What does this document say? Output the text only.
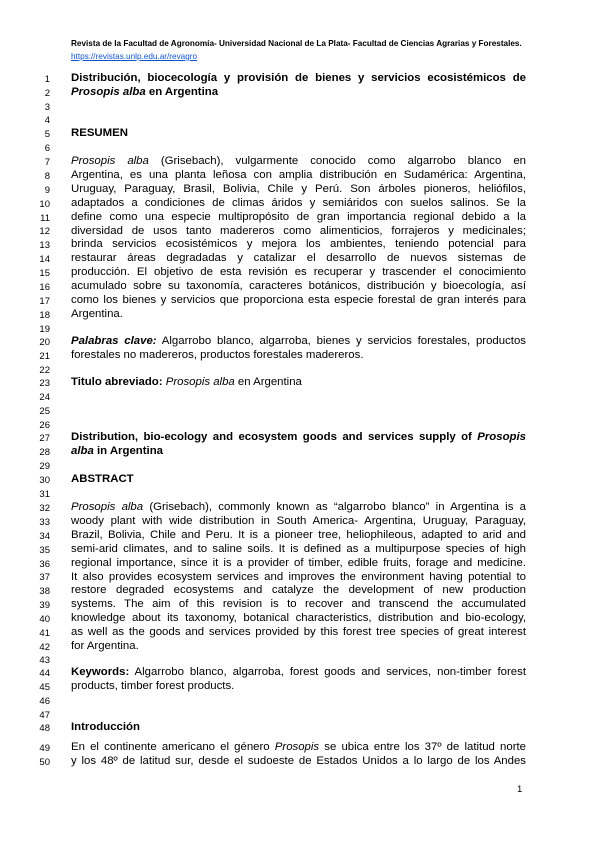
Revista de la Facultad de Agronomía- Universidad Nacional de La Plata- Facultad de Ciencias Agrarias y Forestales. https://revistas.unlp.edu.ar/revagro
1
2
3
4
5
6
7
8
9
10
11
12
13
14
15
16
17
18
19
20
21
22
23
24
25
26
27
28
29
30
31
32
33
34
35
36
37
38
39
40
41
42
43
44
45
46
47
48
49
50
Distribución, biocecología y provisión de bienes y servicios ecosistémicos de
Prosopis alba en Argentina
RESUMEN
Prosopis alba (Grisebach), vulgarmente conocido como algarrobo blanco en
Argentina, es una planta leñosa con amplia distribución en Sudamérica: Argentina,
Uruguay, Paraguay, Brasil, Bolivia, Chile y Perú. Son árboles pioneros, heliófilos,
adaptados a condiciones de climas áridos y semiáridos con suelos salinos. Se la
define como una especie multipropósito de gran importancia regional debido a la
diversidad de usos tanto madereros como alimenticios, forrajeros y medicinales;
brinda servicios ecosistémicos y mejora los ambientes, teniendo potencial para
restaurar áreas degradadas y catalizar el desarrollo de nuevos sistemas de
producción. El objetivo de esta revisión es recuperar y trascender el conocimiento
acumulado sobre su taxonomía, caracteres botánicos, distribución y bioecología, así
como los bienes y servicios que proporciona esta especie forestal de gran interés para
Argentina.
Palabras clave: Algarrobo blanco, algarroba, bienes y servicios forestales, productos
forestales no madereros, productos forestales madereros.
Titulo abreviado: Prosopis alba en Argentina
Distribution, bio-ecology and ecosystem goods and services supply of Prosopis
alba in Argentina
ABSTRACT
Prosopis alba (Grisebach), commonly known as “algarrobo blanco” in Argentina is a
woody plant with wide distribution in South America- Argentina, Uruguay, Paraguay,
Brazil, Bolivia, Chile and Peru. It is a pioneer tree, heliophileous, adapted to arid and
semi-arid climates, and to saline soils. It is defined as a multipurpose species of high
regional importance, since it is a provider of timber, edible fruits, forage and medicine.
It also provides ecosystem services and improves the environment having potential to
restore degraded ecosystems and catalyze the development of new production
systems. The aim of this revision is to recover and transcend the accumulated
knowledge about its taxonomy, botanical characteristics, distribution and bio-ecology,
as well as the goods and services provided by this forest tree species of great interest
for Argentina.
Keywords: Algarrobo blanco, algarroba, forest goods and services, non-timber forest
products, timber forest products.
Introducción
En el continente americano el género Prosopis se ubica entre los 37º de latitud norte
y los 48º de latitud sur, desde el sudoeste de Estados Unidos a lo largo de los Andes
1
